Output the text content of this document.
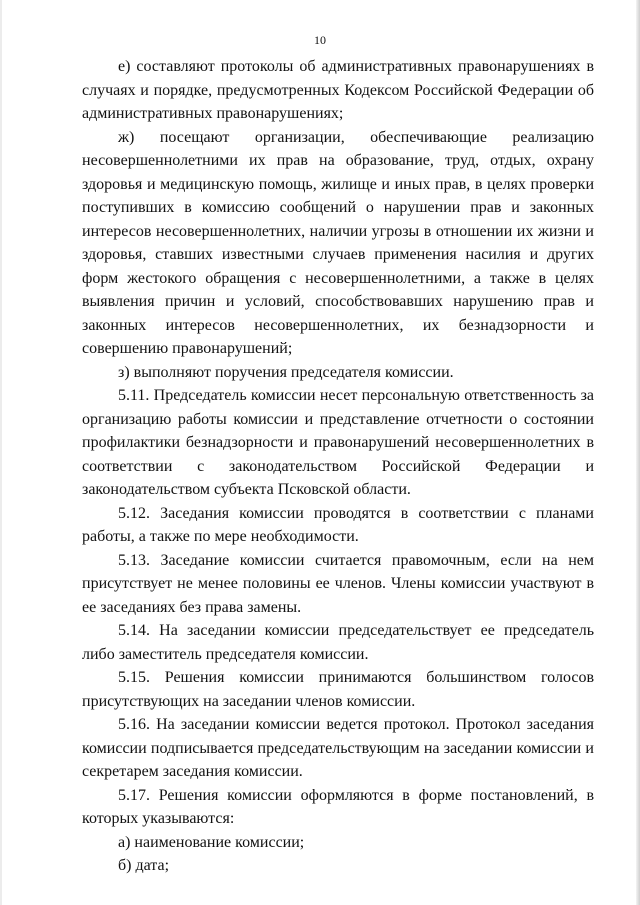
10

е) составляют протоколы об административных правонарушениях в случаях и порядке, предусмотренных Кодексом Российской Федерации об административных правонарушениях;

ж) посещают организации, обеспечивающие реализацию несовершеннолетними их прав на образование, труд, отдых, охрану здоровья и медицинскую помощь, жилище и иных прав, в целях проверки поступивших в комиссию сообщений о нарушении прав и законных интересов несовершеннолетних, наличии угрозы в отношении их жизни и здоровья, ставших известными случаев применения насилия и других форм жестокого обращения с несовершеннолетними, а также в целях выявления причин и условий, способствовавших нарушению прав и законных интересов несовершеннолетних, их безнадзорности и совершению правонарушений;

з) выполняют поручения председателя комиссии.

5.11. Председатель комиссии несет персональную ответственность за организацию работы комиссии и представление отчетности о состоянии профилактики безнадзорности и правонарушений несовершеннолетних в соответствии с законодательством Российской Федерации и законодательством субъекта Псковской области.

5.12. Заседания комиссии проводятся в соответствии с планами работы, а также по мере необходимости.

5.13. Заседание комиссии считается правомочным, если на нем присутствует не менее половины ее членов. Члены комиссии участвуют в ее заседаниях без права замены.

5.14. На заседании комиссии председательствует ее председатель либо заместитель председателя комиссии.

5.15. Решения комиссии принимаются большинством голосов присутствующих на заседании членов комиссии.

5.16. На заседании комиссии ведется протокол. Протокол заседания комиссии подписывается председательствующим на заседании комиссии и секретарем заседания комиссии.

5.17. Решения комиссии оформляются в форме постановлений, в которых указываются:

а) наименование комиссии;

б) дата;
